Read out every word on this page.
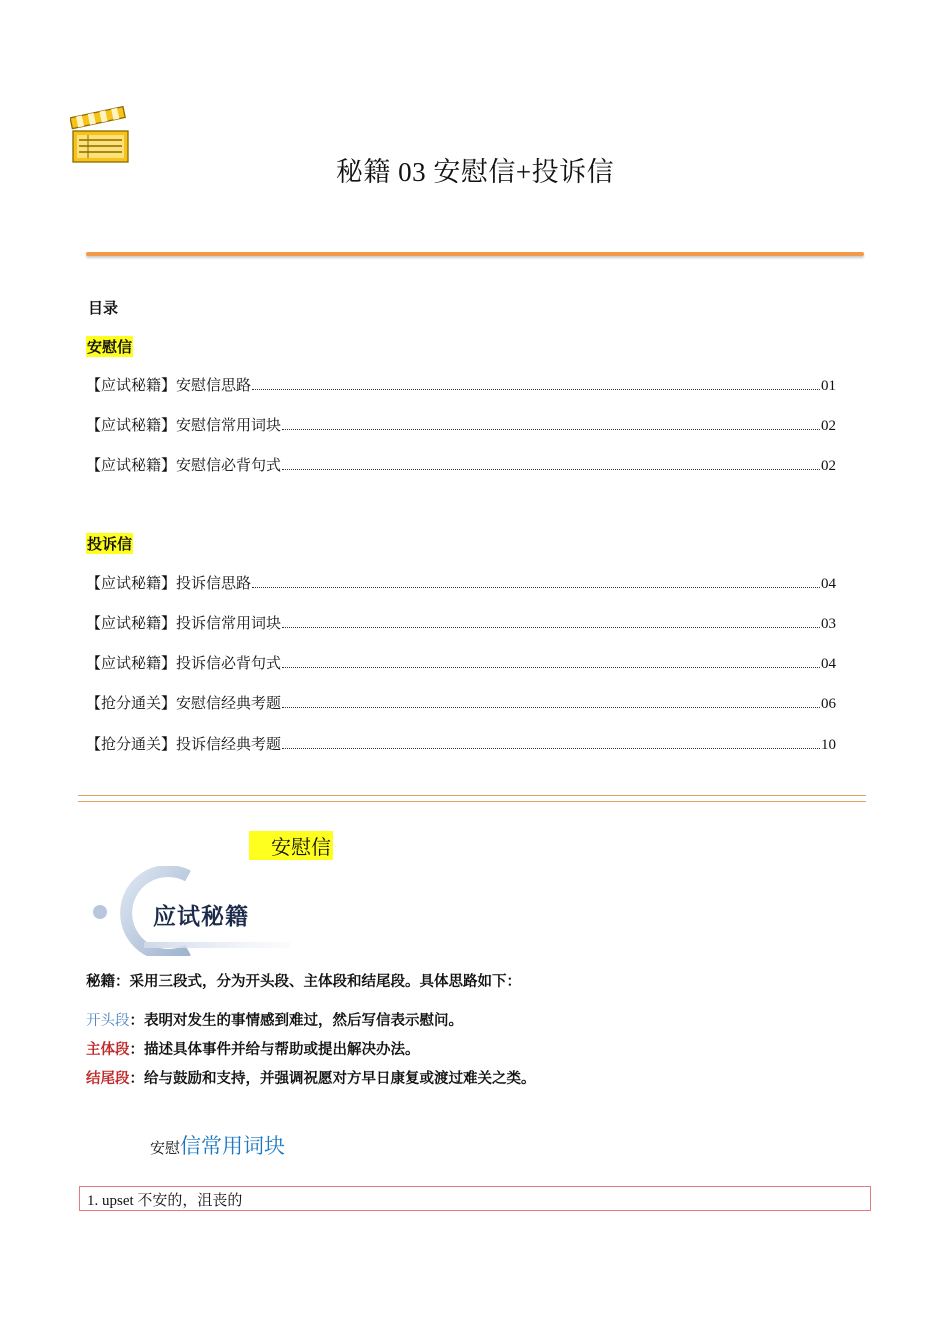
秘籍 03 安慰信+投诉信
目录
安慰信
【应试秘籍】安慰信思路	01
【应试秘籍】安慰信常用词块	02
【应试秘籍】安慰信必背句式	02
投诉信
【应试秘籍】投诉信思路	04
【应试秘籍】投诉信常用词块	03
【应试秘籍】投诉信必背句式	04
【抢分通关】安慰信经典考题	06
【抢分通关】投诉信经典考题	10
安慰信
应试秘籍
秘籍：采用三段式，分为开头段、主体段和结尾段。具体思路如下：
开头段：表明对发生的事情感到难过，然后写信表示慰问。
主体段：描述具体事件并给与帮助或提出解决办法。
结尾段：给与鼓励和支持，并强调祝愿对方早日康复或渡过难关之类。
安慰信常用词块
1. upset 不安的，沮丧的
